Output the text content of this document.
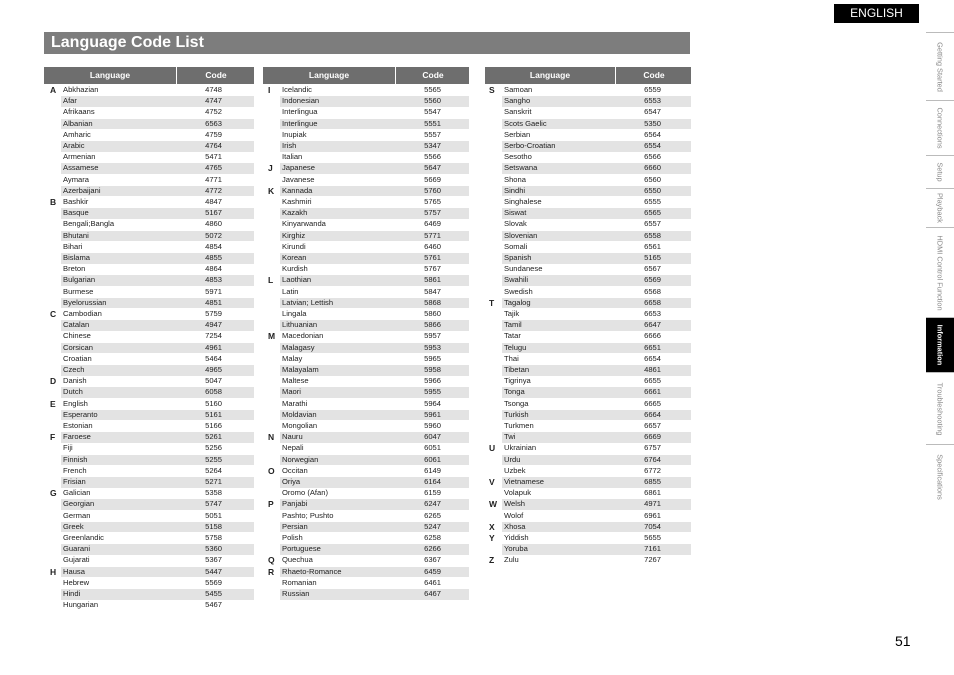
ENGLISH
Language Code List
Language	Code
A Abkhazian	4748
Afar	4747
Afrikaans	4752
Albanian	6563
Amharic	4759
Arabic	4764
Armenian	5471
Assamese	4765
Aymara	4771
Azerbaijani	4772
B Bashkir	4847
Basque	5167
Bengali;Bangla	4860
Bhutani	5072
Bihari	4854
Bislama	4855
Breton	4864
Bulgarian	4853
Burmese	5971
Byelorussian	4851
C Cambodian	5759
Catalan	4947
Chinese	7254
Corsican	4961
Croatian	5464
Czech	4965
D Danish	5047
Dutch	6058
E English	5160
Esperanto	5161
Estonian	5166
F Faroese	5261
Fiji	5256
Finnish	5255
French	5264
Frisian	5271
G Galician	5358
Georgian	5747
German	5051
Greek	5158
Greenlandic	5758
Guarani	5360
Gujarati	5367
H Hausa	5447
Hebrew	5569
Hindi	5455
Hungarian	5467
Language	Code
I Icelandic	5565
Indonesian	5560
Interlingua	5547
Interlingue	5551
Inupiak	5557
Irish	5347
Italian	5566
J Japanese	5647
Javanese	5669
K Kannada	5760
Kashmiri	5765
Kazakh	5757
Kinyarwanda	6469
Kirghiz	5771
Kirundi	6460
Korean	5761
Kurdish	5767
L Laothian	5861
Latin	5847
Latvian; Lettish	5868
Lingala	5860
Lithuanian	5866
M Macedonian	5957
Malagasy	5953
Malay	5965
Malayalam	5958
Maltese	5966
Maori	5955
Marathi	5964
Moldavian	5961
Mongolian	5960
N Nauru	6047
Nepali	6051
Norwegian	6061
O Occitan	6149
Oriya	6164
Oromo (Afan)	6159
P Panjabi	6247
Pashto; Pushto	6265
Persian	5247
Polish	6258
Portuguese	6266
Q Quechua	6367
R Rhaeto-Romance	6459
Romanian	6461
Russian	6467
Language	Code
S Samoan	6559
Sangho	6553
Sanskrit	6547
Scots Gaelic	5350
Serbian	6564
Serbo-Croatian	6554
Sesotho	6566
Setswana	6660
Shona	6560
Sindhi	6550
Singhalese	6555
Siswat	6565
Slovak	6557
Slovenian	6558
Somali	6561
Spanish	5165
Sundanese	6567
Swahili	6569
Swedish	6568
T Tagalog	6658
Tajik	6653
Tamil	6647
Tatar	6666
Telugu	6651
Thai	6654
Tibetan	4861
Tigrinya	6655
Tonga	6661
Tsonga	6665
Turkish	6664
Turkmen	6657
Twi	6669
U Ukrainian	6757
Urdu	6764
Uzbek	6772
V Vietnamese	6855
Volapuk	6861
W Welsh	4971
Wolof	6961
X Xhosa	7054
Y Yiddish	5655
Yoruba	7161
Z Zulu	7267
Getting Started
Connections
Setup
Playback
HDMI Control Function
Information
Troubleshooting
Specifications
51
